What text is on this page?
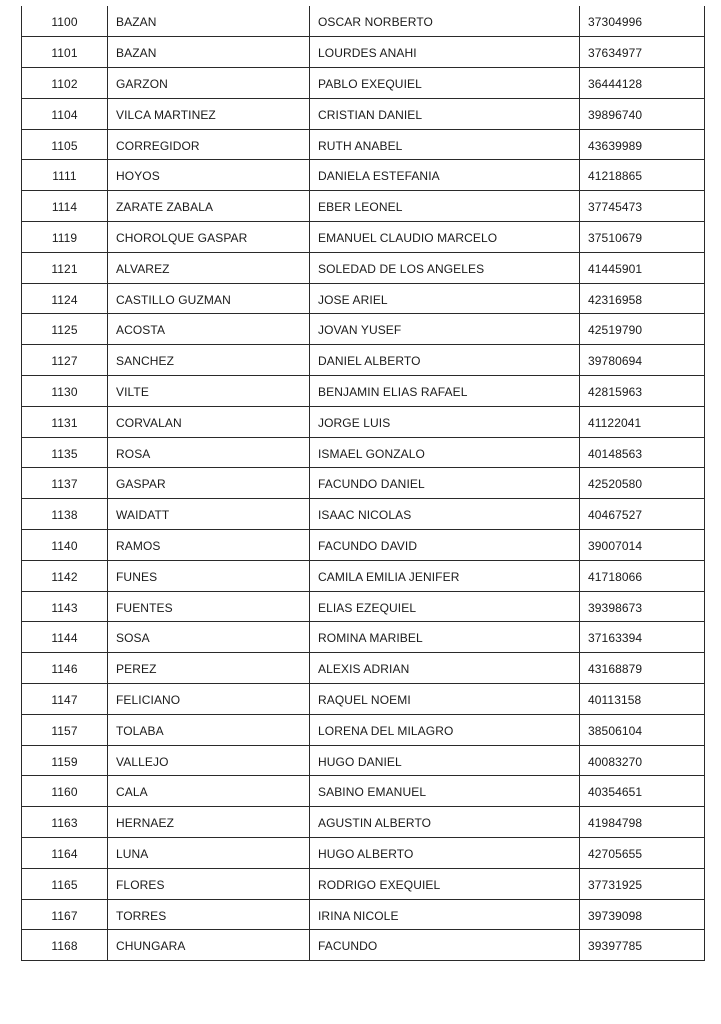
1100	BAZAN	OSCAR NORBERTO	37304996
1101	BAZAN	LOURDES ANAHI	37634977
1102	GARZON	PABLO EXEQUIEL	36444128
1104	VILCA MARTINEZ	CRISTIAN DANIEL	39896740
1105	CORREGIDOR	RUTH ANABEL	43639989
1111	HOYOS	DANIELA ESTEFANIA	41218865
1114	ZARATE ZABALA	EBER LEONEL	37745473
1119	CHOROLQUE GASPAR	EMANUEL CLAUDIO MARCELO	37510679
1121	ALVAREZ	SOLEDAD DE LOS ANGELES	41445901
1124	CASTILLO GUZMAN	JOSE ARIEL	42316958
1125	ACOSTA	JOVAN YUSEF	42519790
1127	SANCHEZ	DANIEL ALBERTO	39780694
1130	VILTE	BENJAMIN ELIAS RAFAEL	42815963
1131	CORVALAN	JORGE LUIS	41122041
1135	ROSA	ISMAEL GONZALO	40148563
1137	GASPAR	FACUNDO DANIEL	42520580
1138	WAIDATT	ISAAC NICOLAS	40467527
1140	RAMOS	FACUNDO DAVID	39007014
1142	FUNES	CAMILA EMILIA JENIFER	41718066
1143	FUENTES	ELIAS EZEQUIEL	39398673
1144	SOSA	ROMINA MARIBEL	37163394
1146	PEREZ	ALEXIS ADRIAN	43168879
1147	FELICIANO	RAQUEL NOEMI	40113158
1157	TOLABA	LORENA DEL MILAGRO	38506104
1159	VALLEJO	HUGO DANIEL	40083270
1160	CALA	SABINO EMANUEL	40354651
1163	HERNAEZ	AGUSTIN ALBERTO	41984798
1164	LUNA	HUGO ALBERTO	42705655
1165	FLORES	RODRIGO EXEQUIEL	37731925
1167	TORRES	IRINA NICOLE	39739098
1168	CHUNGARA	FACUNDO	39397785
